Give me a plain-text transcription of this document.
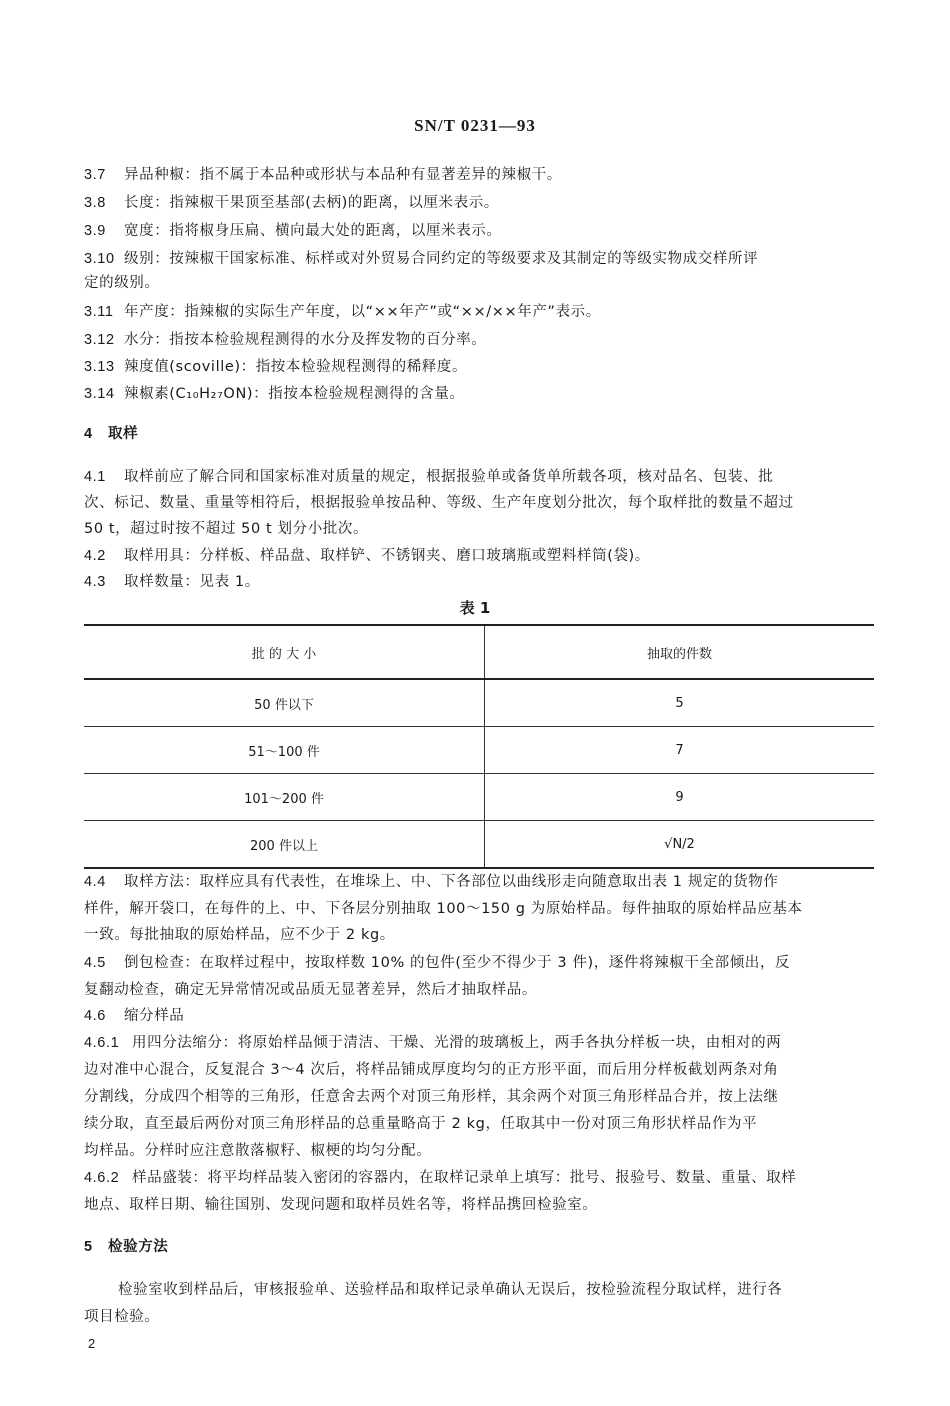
SN/T 0231—93
3.7 异品种椒：指不属于本品种或形状与本品种有显著差异的辣椒干。
3.8 长度：指辣椒干果顶至基部(去柄)的距离，以厘米表示。
3.9 宽度：指将椒身压扁、横向最大处的距离，以厘米表示。
3.10 级别：按辣椒干国家标准、标样或对外贸易合同约定的等级要求及其制定的等级实物成交样所评
定的级别。
3.11 年产度：指辣椒的实际生产年度，以“××年产”或“××/××年产”表示。
3.12 水分：指按本检验规程测得的水分及挥发物的百分率。
3.13 辣度值(scoville)：指按本检验规程测得的稀释度。
3.14 辣椒素(C₁₀H₂₇ON)：指按本检验规程测得的含量。
4 取样
4.1 取样前应了解合同和国家标准对质量的规定，根据报验单或备货单所载各项，核对品名、包装、批
次、标记、数量、重量等相符后，根据报验单按品种、等级、生产年度划分批次，每个取样批的数量不超过
50 t，超过时按不超过 50 t 划分小批次。
4.2 取样用具：分样板、样品盘、取样铲、不锈钢夹、磨口玻璃瓶或塑料样筒(袋)。
4.3 取样数量：见表 1。
表 1
批 的 大 小	抽取的件数
50 件以下	5
51～100 件	7
101～200 件	9
200 件以上	√N/2
4.4 取样方法：取样应具有代表性，在堆垛上、中、下各部位以曲线形走向随意取出表 1 规定的货物作
样件，解开袋口，在每件的上、中、下各层分别抽取 100～150 g 为原始样品。每件抽取的原始样品应基本
一致。每批抽取的原始样品，应不少于 2 kg。
4.5 倒包检查：在取样过程中，按取样数 10% 的包件(至少不得少于 3 件)，逐件将辣椒干全部倾出，反
复翻动检查，确定无异常情况或品质无显著差异，然后才抽取样品。
4.6 缩分样品
4.6.1 用四分法缩分：将原始样品倾于清洁、干燥、光滑的玻璃板上，两手各执分样板一块，由相对的两
边对准中心混合，反复混合 3～4 次后，将样品铺成厚度均匀的正方形平面，而后用分样板截划两条对角
分割线，分成四个相等的三角形，任意舍去两个对顶三角形样，其余两个对顶三角形样品合并，按上法继
续分取，直至最后两份对顶三角形样品的总重量略高于 2 kg，任取其中一份对顶三角形状样品作为平
均样品。分样时应注意散落椒籽、椒梗的均匀分配。
4.6.2 样品盛装：将平均样品装入密闭的容器内，在取样记录单上填写：批号、报验号、数量、重量、取样
地点、取样日期、输往国别、发现问题和取样员姓名等，将样品携回检验室。
5 检验方法
检验室收到样品后，审核报验单、送验样品和取样记录单确认无误后，按检验流程分取试样，进行各
项目检验。
2
